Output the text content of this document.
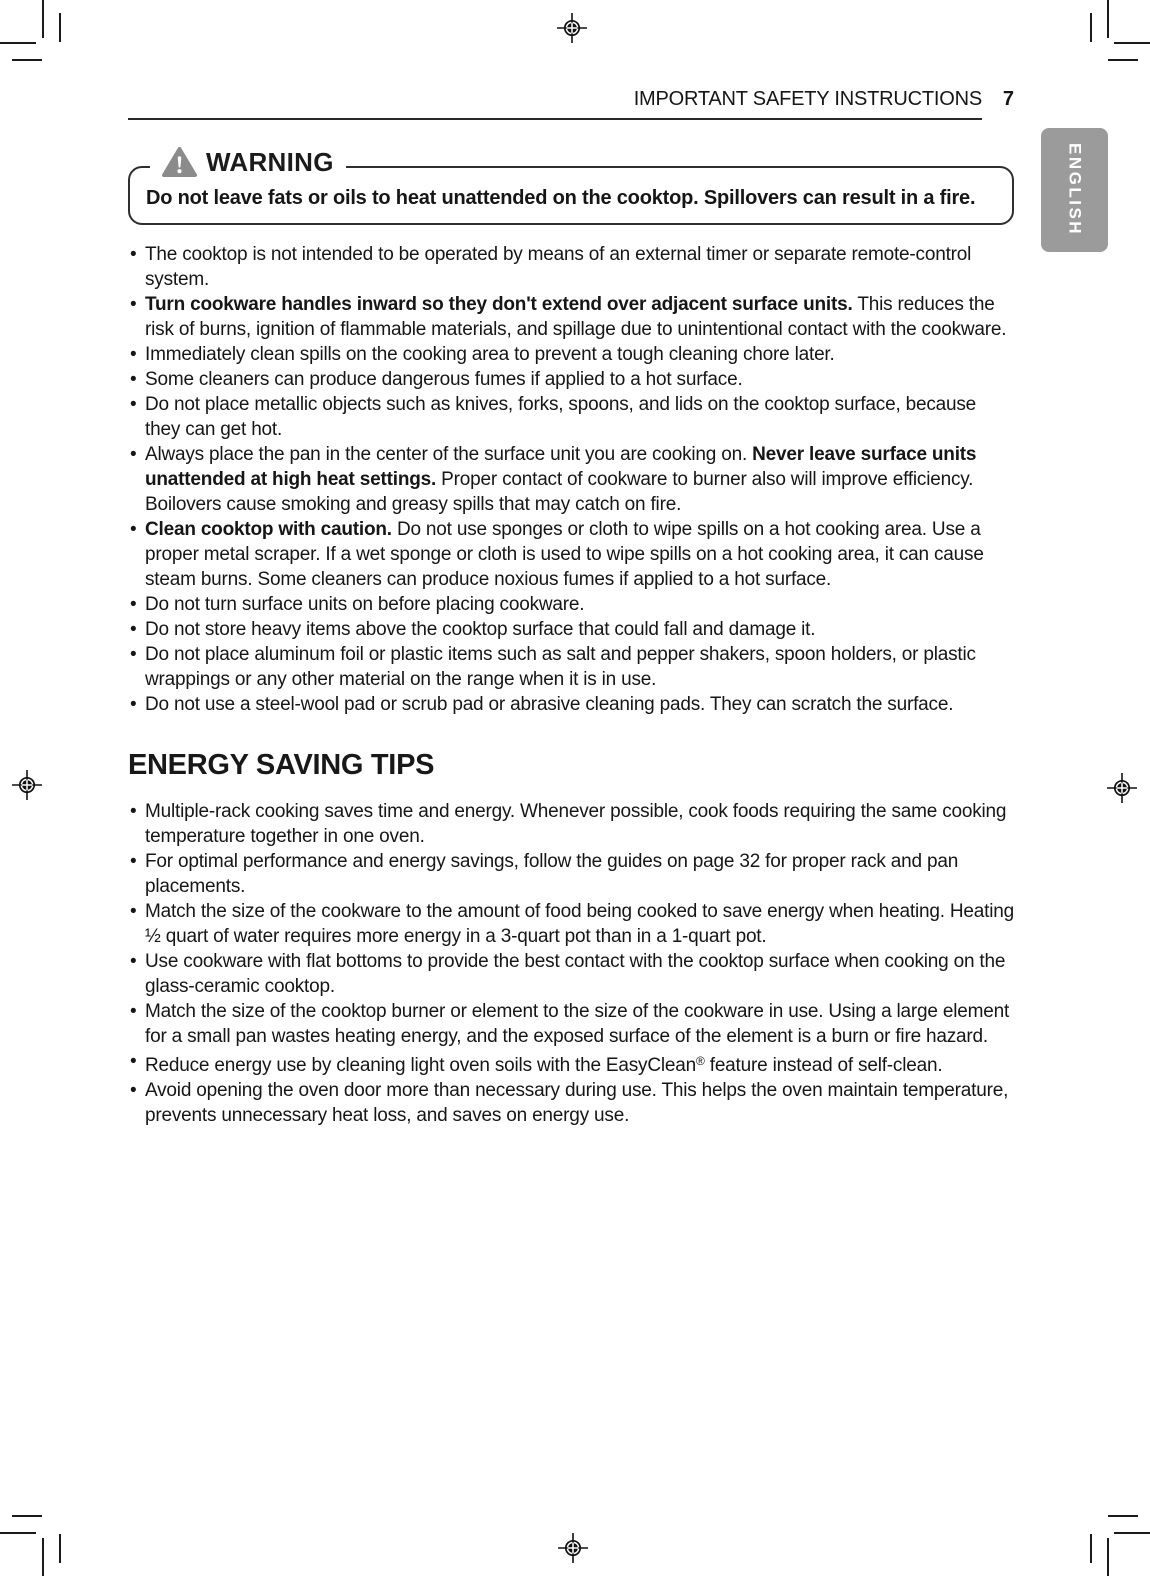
ENGLISH
IMPORTANT SAFETY INSTRUCTIONS 7
WARNING

Do not leave fats or oils to heat unattended on the cooktop. Spillovers can result in a fire.

• The cooktop is not intended to be operated by means of an external timer or separate remote-control system.
• Turn cookware handles inward so they don't extend over adjacent surface units. This reduces the risk of burns, ignition of flammable materials, and spillage due to unintentional contact with the cookware.
• Immediately clean spills on the cooking area to prevent a tough cleaning chore later.
• Some cleaners can produce dangerous fumes if applied to a hot surface.
• Do not place metallic objects such as knives, forks, spoons, and lids on the cooktop surface, because they can get hot.
• Always place the pan in the center of the surface unit you are cooking on. Never leave surface units unattended at high heat settings. Proper contact of cookware to burner also will improve efficiency. Boilovers cause smoking and greasy spills that may catch on fire.
• Clean cooktop with caution. Do not use sponges or cloth to wipe spills on a hot cooking area. Use a proper metal scraper. If a wet sponge or cloth is used to wipe spills on a hot cooking area, it can cause steam burns. Some cleaners can produce noxious fumes if applied to a hot surface.
• Do not turn surface units on before placing cookware.
• Do not store heavy items above the cooktop surface that could fall and damage it.
• Do not place aluminum foil or plastic items such as salt and pepper shakers, spoon holders, or plastic wrappings or any other material on the range when it is in use.
• Do not use a steel-wool pad or scrub pad or abrasive cleaning pads. They can scratch the surface.
ENERGY SAVING TIPS
• Multiple-rack cooking saves time and energy. Whenever possible, cook foods requiring the same cooking temperature together in one oven.
• For optimal performance and energy savings, follow the guides on page 32 for proper rack and pan placements.
• Match the size of the cookware to the amount of food being cooked to save energy when heating. Heating ½ quart of water requires more energy in a 3-quart pot than in a 1-quart pot.
• Use cookware with flat bottoms to provide the best contact with the cooktop surface when cooking on the glass-ceramic cooktop.
• Match the size of the cooktop burner or element to the size of the cookware in use. Using a large element for a small pan wastes heating energy, and the exposed surface of the element is a burn or fire hazard.
• Reduce energy use by cleaning light oven soils with the EasyClean® feature instead of self-clean.
• Avoid opening the oven door more than necessary during use. This helps the oven maintain temperature, prevents unnecessary heat loss, and saves on energy use.
